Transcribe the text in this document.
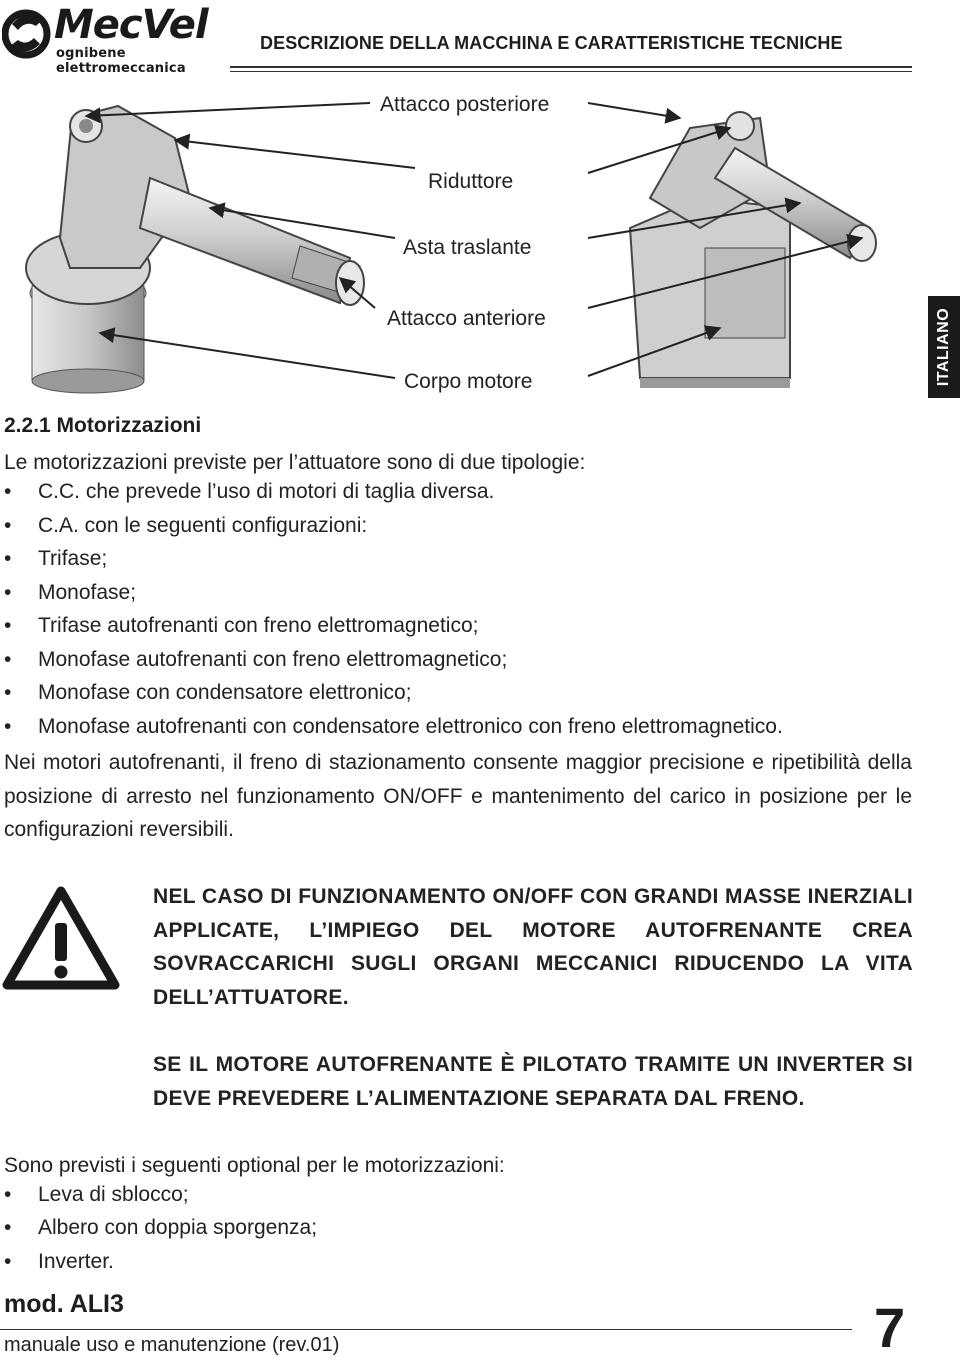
MecVel
ognibene elettromeccanica
DESCRIZIONE DELLA MACCHINA E CARATTERISTICHE TECNICHE
ITALIANO
Attacco posteriore
Riduttore
Asta traslante
Attacco anteriore
Corpo motore
2.2.1 Motorizzazioni
Le motorizzazioni previste per l’attuatore sono di due tipologie:
• C.C. che prevede l’uso di motori di taglia diversa.
• C.A. con le seguenti configurazioni:
• Trifase;
• Monofase;
• Trifase autofrenanti con freno elettromagnetico;
• Monofase autofrenanti con freno elettromagnetico;
• Monofase con condensatore elettronico;
• Monofase autofrenanti con condensatore elettronico con freno elettromagnetico.
Nei motori autofrenanti, il freno di stazionamento consente maggior precisione e ripetibilità della posizione di arresto nel funzionamento ON/OFF e mantenimento del carico in posizione per le configurazioni reversibili.
NEL CASO DI FUNZIONAMENTO ON/OFF CON GRANDI MASSE INERZIALI APPLICATE, L’IMPIEGO DEL MOTORE AUTOFRENANTE CREA SOVRACCARICHI SUGLI ORGANI MECCANICI RIDUCENDO LA VITA DELL’ATTUATORE.
SE IL MOTORE AUTOFRENANTE È PILOTATO TRAMITE UN INVERTER SI DEVE PREVEDERE L’ALIMENTAZIONE SEPARATA DAL FRENO.
Sono previsti i seguenti optional per le motorizzazioni:
• Leva di sblocco;
• Albero con doppia sporgenza;
• Inverter.
mod. ALI3
manuale uso e manutenzione (rev.01)	7
